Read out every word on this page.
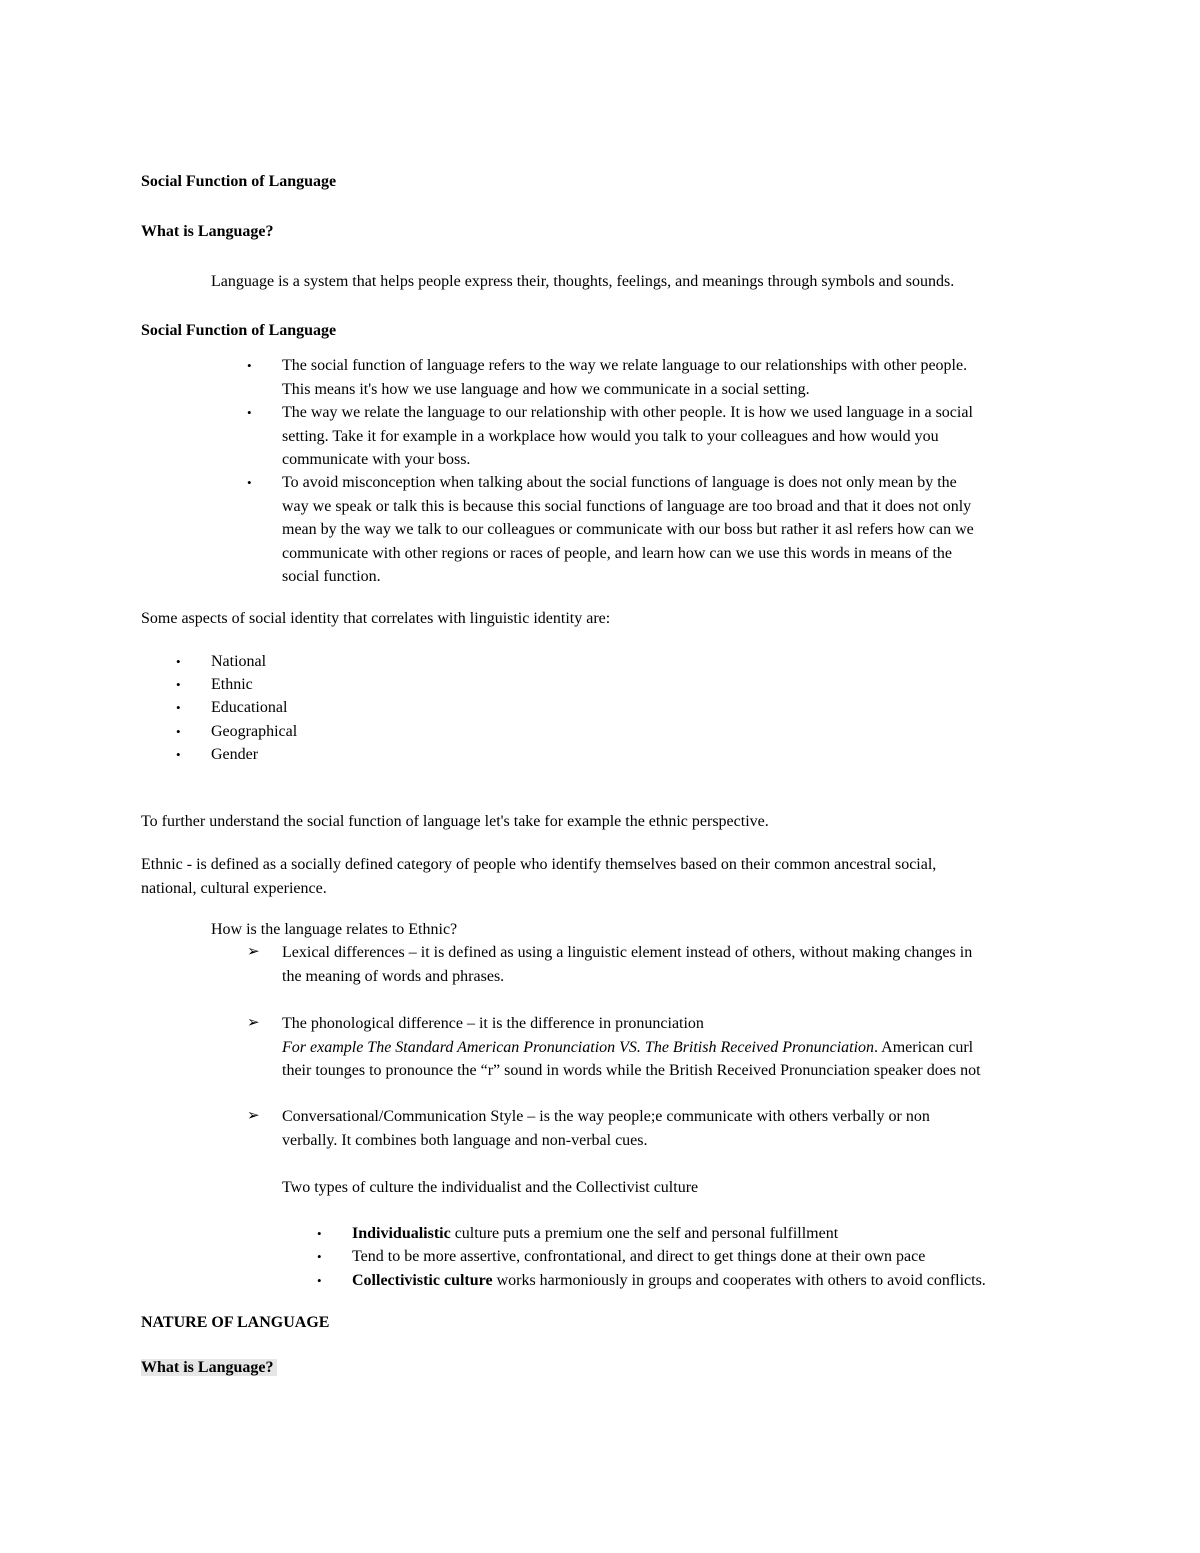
Social Function of Language
What is Language?
Language is a system that helps people express their, thoughts, feelings, and meanings through symbols and sounds.
Social Function of Language
• The social function of language refers to the way we relate language to our relationships with other people.
This means it's how we use language and how we communicate in a social setting.
• The way we relate the language to our relationship with other people. It is how we used language in a social
setting. Take it for example in a workplace how would you talk to your colleagues and how would you
communicate with your boss.
• To avoid misconception when talking about the social functions of language is does not only mean by the
way we speak or talk this is because this social functions of language are too broad and that it does not only
mean by the way we talk to our colleagues or communicate with our boss but rather it asl refers how can we
communicate with other regions or races of people, and learn how can we use this words in means of the
social function.
Some aspects of social identity that correlates with linguistic identity are:
• National
• Ethnic
• Educational
• Geographical
• Gender
To further understand the social function of language let's take for example the ethnic perspective.
Ethnic - is defined as a socially defined category of people who identify themselves based on their common ancestral social,
national, cultural experience.
How is the language relates to Ethnic?
➢ Lexical differences – it is defined as using a linguistic element instead of others, without making changes in
the meaning of words and phrases.
➢ The phonological difference – it is the difference in pronunciation
For example The Standard American Pronunciation VS. The British Received Pronunciation. American curl
their tounges to pronounce the “r” sound in words while the British Received Pronunciation speaker does not
➢ Conversational/Communication Style – is the way people;e communicate with others verbally or non
verbally. It combines both language and non-verbal cues.
Two types of culture the individualist and the Collectivist culture
• Individualistic culture puts a premium one the self and personal fulfillment
• Tend to be more assertive, confrontational, and direct to get things done at their own pace
• Collectivistic culture works harmoniously in groups and cooperates with others to avoid conflicts.
NATURE OF LANGUAGE
What is Language?
